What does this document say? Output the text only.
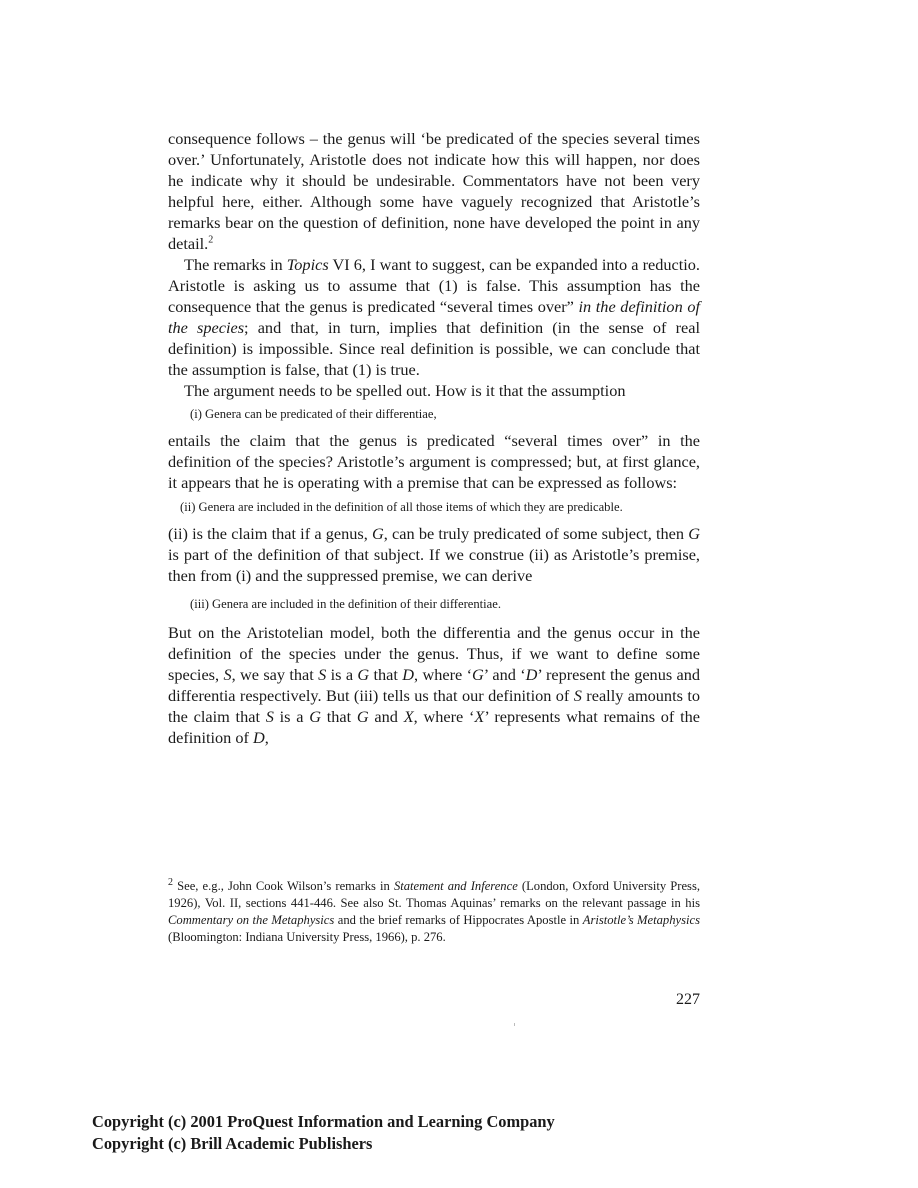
consequence follows – the genus will ‘be predicated of the species several times over.’ Unfortunately, Aristotle does not indicate how this will happen, nor does he indicate why it should be undesirable. Commentators have not been very helpful here, either. Although some have vaguely recognized that Aristotle’s remarks bear on the question of definition, none have developed the point in any detail.$^2$

The remarks in Topics VI 6, I want to suggest, can be expanded into a reductio. Aristotle is asking us to assume that (1) is false. This assumption has the consequence that the genus is predicated “several times over” in the definition of the species; and that, in turn, implies that definition (in the sense of real definition) is impossible. Since real definition is possible, we can conclude that the assumption is false, that (1) is true.

The argument needs to be spelled out. How is it that the assumption

(i) Genera can be predicated of their differentiae,

entails the claim that the genus is predicated “several times over” in the definition of the species? Aristotle’s argument is compressed; but, at first glance, it appears that he is operating with a premise that can be expressed as follows:

(ii) Genera are included in the definition of all those items of which they are predicable.

(ii) is the claim that if a genus, G, can be truly predicated of some subject, then G is part of the definition of that subject. If we construe (ii) as Aristotle’s premise, then from (i) and the suppressed premise, we can derive

(iii) Genera are included in the definition of their differentiae.

But on the Aristotelian model, both the differentia and the genus occur in the definition of the species under the genus. Thus, if we want to define some species, S, we say that S is a G that D, where ‘G’ and ‘D’ represent the genus and differentia respectively. But (iii) tells us that our definition of S really amounts to the claim that S is a G that G and X, where ‘X’ represents what remains of the definition of D,

$^2$ See, e.g., John Cook Wilson’s remarks in Statement and Inference (London, Oxford University Press, 1926), Vol. II, sections 441-446. See also St. Thomas Aquinas’ remarks on the relevant passage in his Commentary on the Metaphysics and the brief remarks of Hippocrates Apostle in Aristotle’s Metaphysics (Bloomington: Indiana University Press, 1966), p. 276.

227

Copyright (c) 2001 ProQuest Information and Learning Company
Copyright (c) Brill Academic Publishers
